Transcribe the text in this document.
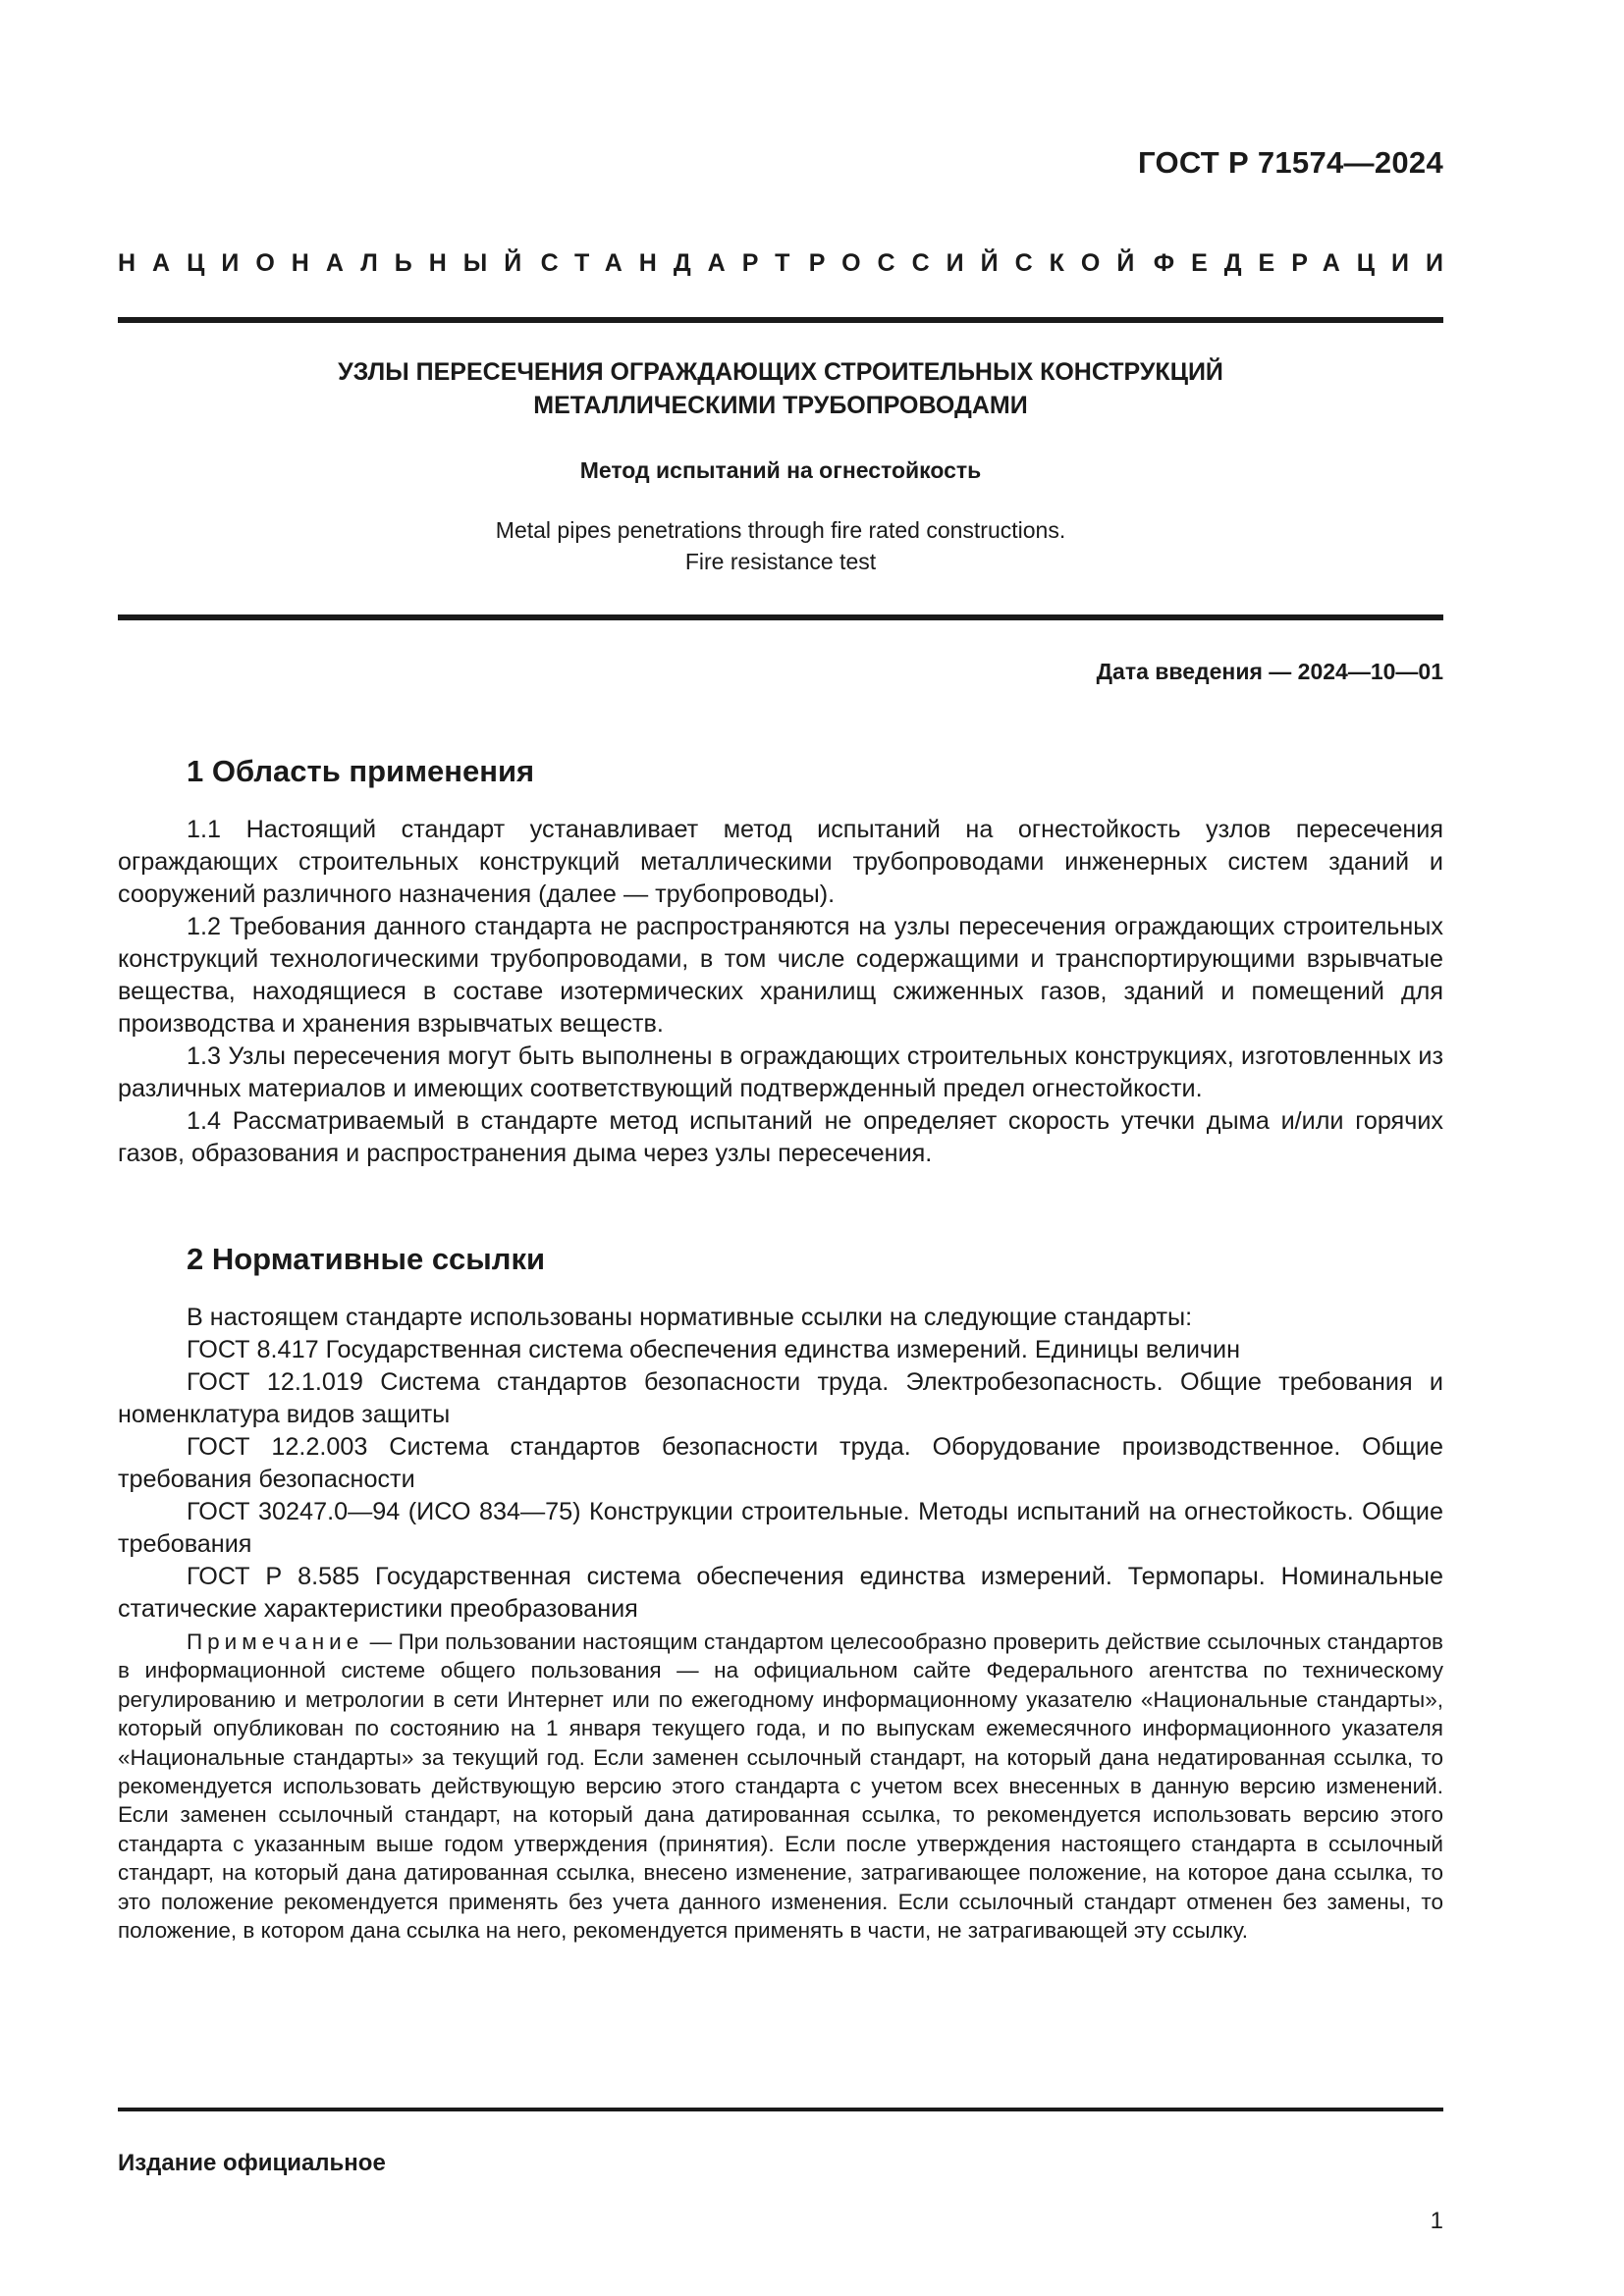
ГОСТ Р 71574—2024
НАЦИОНАЛЬНЫЙ СТАНДАРТ РОССИЙСКОЙ ФЕДЕРАЦИИ
УЗЛЫ ПЕРЕСЕЧЕНИЯ ОГРАЖДАЮЩИХ СТРОИТЕЛЬНЫХ КОНСТРУКЦИЙ
МЕТАЛЛИЧЕСКИМИ ТРУБОПРОВОДАМИ
Метод испытаний на огнестойкость
Metal pipes penetrations through fire rated constructions.
Fire resistance test
Дата введения — 2024—10—01
1 Область применения

1.1 Настоящий стандарт устанавливает метод испытаний на огнестойкость узлов пересечения ограждающих строительных конструкций металлическими трубопроводами инженерных систем зданий и сооружений различного назначения (далее — трубопроводы).

1.2 Требования данного стандарта не распространяются на узлы пересечения ограждающих строительных конструкций технологическими трубопроводами, в том числе содержащими и транспортирующими взрывчатые вещества, находящиеся в составе изотермических хранилищ сжиженных газов, зданий и помещений для производства и хранения взрывчатых веществ.

1.3 Узлы пересечения могут быть выполнены в ограждающих строительных конструкциях, изготовленных из различных материалов и имеющих соответствующий подтвержденный предел огнестойкости.

1.4 Рассматриваемый в стандарте метод испытаний не определяет скорость утечки дыма и/или горячих газов, образования и распространения дыма через узлы пересечения.

2 Нормативные ссылки

В настоящем стандарте использованы нормативные ссылки на следующие стандарты:

ГОСТ 8.417 Государственная система обеспечения единства измерений. Единицы величин

ГОСТ 12.1.019 Система стандартов безопасности труда. Электробезопасность. Общие требования и номенклатура видов защиты

ГОСТ 12.2.003 Система стандартов безопасности труда. Оборудование производственное. Общие требования безопасности

ГОСТ 30247.0—94 (ИСО 834—75) Конструкции строительные. Методы испытаний на огнестойкость. Общие требования

ГОСТ Р 8.585 Государственная система обеспечения единства измерений. Термопары. Номинальные статические характеристики преобразования

Примечание — При пользовании настоящим стандартом целесообразно проверить действие ссылочных стандартов в информационной системе общего пользования — на официальном сайте Федерального агентства по техническому регулированию и метрологии в сети Интернет или по ежегодному информационному указателю «Национальные стандарты», который опубликован по состоянию на 1 января текущего года, и по выпускам ежемесячного информационного указателя «Национальные стандарты» за текущий год. Если заменен ссылочный стандарт, на который дана недатированная ссылка, то рекомендуется использовать действующую версию этого стандарта с учетом всех внесенных в данную версию изменений. Если заменен ссылочный стандарт, на который дана датированная ссылка, то рекомендуется использовать версию этого стандарта с указанным выше годом утверждения (принятия). Если после утверждения настоящего стандарта в ссылочный стандарт, на который дана датированная ссылка, внесено изменение, затрагивающее положение, на которое дана ссылка, то это положение рекомендуется применять без учета данного изменения. Если ссылочный стандарт отменен без замены, то положение, в котором дана ссылка на него, рекомендуется применять в части, не затрагивающей эту ссылку.

Издание официальное
1
